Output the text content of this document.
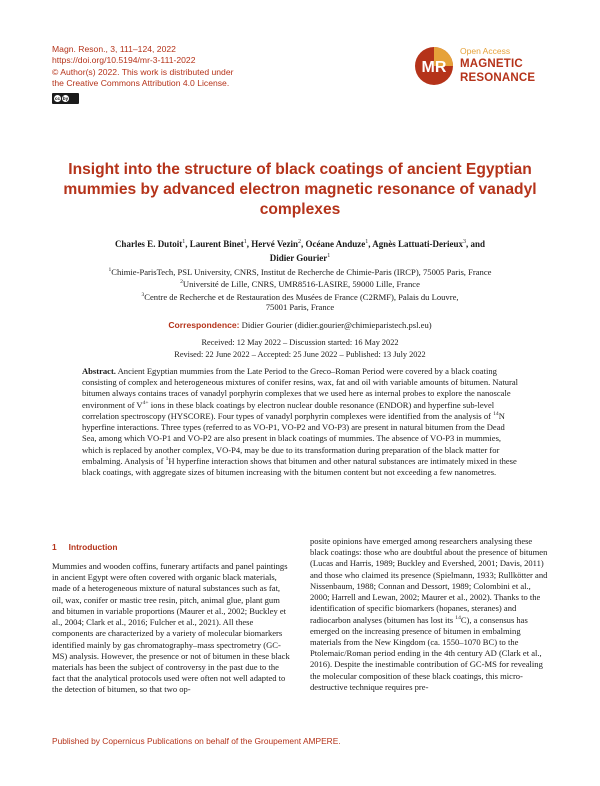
Magn. Reson., 3, 111–124, 2022
https://doi.org/10.5194/mr-3-111-2022
© Author(s) 2022. This work is distributed under
the Creative Commons Attribution 4.0 License.
cc by
MR
Open Access
MAGNETIC
RESONANCE
Insight into the structure of black coatings of ancient Egyptian mummies by advanced electron magnetic resonance of vanadyl complexes
Charles E. Dutoit$^1$, Laurent Binet$^1$, Hervé Vezin$^2$, Océane Anduze$^1$, Agnès Lattuati-Derieux$^3$, and
Didier Gourier$^1$
$^1$Chimie-ParisTech, PSL University, CNRS, Institut de Recherche de Chimie-Paris (IRCP), 75005 Paris, France
$^2$Université de Lille, CNRS, UMR8516-LASIRE, 59000 Lille, France
$^3$Centre de Recherche et de Restauration des Musées de France (C2RMF), Palais du Louvre,
75001 Paris, France
Correspondence: Didier Gourier (didier.gourier@chimieparistech.psl.eu)
Received: 12 May 2022 – Discussion started: 16 May 2022
Revised: 22 June 2022 – Accepted: 25 June 2022 – Published: 13 July 2022
Abstract. Ancient Egyptian mummies from the Late Period to the Greco–Roman Period were covered by a black coating consisting of complex and heterogeneous mixtures of conifer resins, wax, fat and oil with variable amounts of bitumen. Natural bitumen always contains traces of vanadyl porphyrin complexes that we used here as internal probes to explore the nanoscale environment of $V^{4+}$ ions in these black coatings by electron nuclear double resonance (ENDOR) and hyperfine sub-level correlation spectroscopy (HYSCORE). Four types of vanadyl porphyrin complexes were identified from the analysis of $^{14}$N hyperfine interactions. Three types (referred to as VO-P1, VO-P2 and VO-P3) are present in natural bitumen from the Dead Sea, among which VO-P1 and VO-P2 are also present in black coatings of mummies. The absence of VO-P3 in mummies, which is replaced by another complex, VO-P4, may be due to its transformation during preparation of the black matter for embalming. Analysis of $^1$H hyperfine interaction shows that bitumen and other natural substances are intimately mixed in these black coatings, with aggregate sizes of bitumen increasing with the bitumen content but not exceeding a few nanometres.
1 Introduction
Mummies and wooden coffins, funerary artifacts and panel paintings in ancient Egypt were often covered with organic black materials, made of a heterogeneous mixture of natural substances such as fat, oil, wax, conifer or mastic tree resin, pitch, animal glue, plant gum and bitumen in variable proportions (Maurer et al., 2002; Buckley et al., 2004; Clark et al., 2016; Fulcher et al., 2021). All these components are characterized by a variety of molecular biomarkers identified mainly by gas chromatography–mass spectrometry (GC-MS) analysis. However, the presence or not of bitumen in these black materials has been the subject of controversy in the past due to the fact that the analytical protocols used were often not well adapted to the detection of bitumen, so that two op-
posite opinions have emerged among researchers analysing these black coatings: those who are doubtful about the presence of bitumen (Lucas and Harris, 1989; Buckley and Evershed, 2001; Davis, 2011) and those who claimed its presence (Spielmann, 1933; Rullkötter and Nissenbaum, 1988; Connan and Dessort, 1989; Colombini et al., 2000; Harrell and Lewan, 2002; Maurer et al., 2002). Thanks to the identification of specific biomarkers (hopanes, steranes) and radiocarbon analyses (bitumen has lost its $^{14}$C), a consensus has emerged on the increasing presence of bitumen in embalming materials from the New Kingdom (ca. 1550–1070 BC) to the Ptolemaic/Roman period ending in the 4th century AD (Clark et al., 2016). Despite the inestimable contribution of GC-MS for revealing the molecular composition of these black coatings, this micro-destructive technique requires pre-
Published by Copernicus Publications on behalf of the Groupement AMPERE.
